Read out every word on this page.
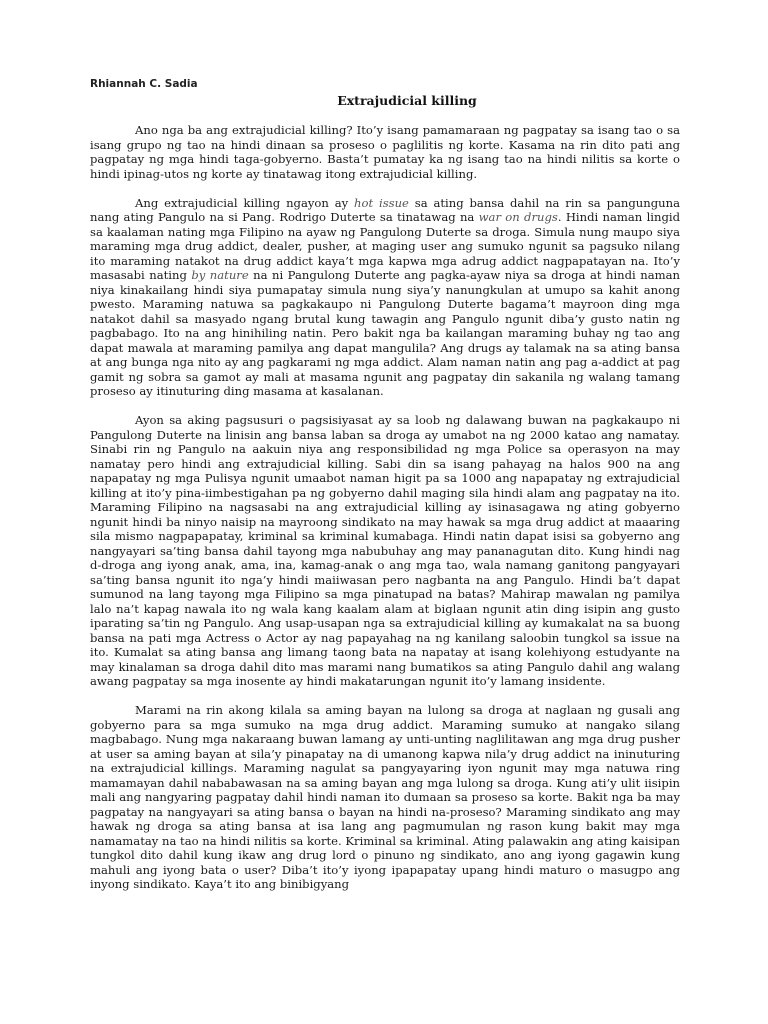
Rhiannah C. Sadia
Extrajudicial killing

Ano nga ba ang extrajudicial killing? Ito’y isang pamamaraan ng pagpatay sa isang tao o sa isang grupo ng tao na hindi dinaan sa proseso o paglilitis ng korte. Kasama na rin dito pati ang pagpatay ng mga hindi taga-gobyerno. Basta’t pumatay ka ng isang tao na hindi nilitis sa korte o hindi ipinag-utos ng korte ay tinatawag itong extrajudicial killing.

Ang extrajudicial killing ngayon ay hot issue sa ating bansa dahil na rin sa pangunguna nang ating Pangulo na si Pang. Rodrigo Duterte sa tinatawag na war on drugs. Hindi naman lingid sa kaalaman nating mga Filipino na ayaw ng Pangulong Duterte sa droga. Simula nung maupo siya maraming mga drug addict, dealer, pusher, at maging user ang sumuko ngunit sa pagsuko nilang ito maraming natakot na drug addict kaya’t mga kapwa mga adrug addict nagpapatayan na. Ito’y masasabi nating by nature na ni Pangulong Duterte ang pagka-ayaw niya sa droga at hindi naman niya kinakailang hindi siya pumapatay simula nung siya’y nanungkulan at umupo sa kahit anong pwesto. Maraming natuwa sa pagkakaupo ni Pangulong Duterte bagama’t mayroon ding mga natakot dahil sa masyado ngang brutal kung tawagin ang Pangulo ngunit diba’y gusto natin ng pagbabago. Ito na ang hinihiling natin. Pero bakit nga ba kailangan maraming buhay ng tao ang dapat mawala at maraming pamilya ang dapat mangulila? Ang drugs ay talamak na sa ating bansa at ang bunga nga nito ay ang pagkarami ng mga addict. Alam naman natin ang pag a-addict at pag gamit ng sobra sa gamot ay mali at masama ngunit ang pagpatay din sakanila ng walang tamang proseso ay itinuturing ding masama at kasalanan.

Ayon sa aking pagsusuri o pagsisiyasat ay sa loob ng dalawang buwan na pagkakaupo ni Pangulong Duterte na linisin ang bansa laban sa droga ay umabot na ng 2000 katao ang namatay. Sinabi rin ng Pangulo na aakuin niya ang responsibilidad ng mga Police sa operasyon na may namatay pero hindi ang extrajudicial killing. Sabi din sa isang pahayag na halos 900 na ang napapatay ng mga Pulisya ngunit umaabot naman higit pa sa 1000 ang napapatay ng extrajudicial killing at ito’y pina-iimbestigahan pa ng gobyerno dahil maging sila hindi alam ang pagpatay na ito. Maraming Filipino na nagsasabi na ang extrajudicial killing ay isinasagawa ng ating gobyerno ngunit hindi ba ninyo naisip na mayroong sindikato na may hawak sa mga drug addict at maaaring sila mismo nagpapapatay, kriminal sa kriminal kumabaga. Hindi natin dapat isisi sa gobyerno ang nangyayari sa’ting bansa dahil tayong mga nabubuhay ang may pananagutan dito. Kung hindi nag d-droga ang iyong anak, ama, ina, kamag-anak o ang mga tao, wala namang ganitong pangyayari sa’ting bansa ngunit ito nga’y hindi maiiwasan pero nagbanta na ang Pangulo. Hindi ba’t dapat sumunod na lang tayong mga Filipino sa mga pinatupad na batas? Mahirap mawalan ng pamilya lalo na’t kapag nawala ito ng wala kang kaalam alam at biglaan ngunit atin ding isipin ang gusto iparating sa’tin ng Pangulo. Ang usap-usapan nga sa extrajudicial killing ay kumakalat na sa buong bansa na pati mga Actress o Actor ay nag papayahag na ng kanilang saloobin tungkol sa issue na ito. Kumalat sa ating bansa ang limang taong bata na napatay at isang kolehiyong estudyante na may kinalaman sa droga dahil dito mas marami nang bumatikos sa ating Pangulo dahil ang walang awang pagpatay sa mga inosente ay hindi makatarungan ngunit ito’y lamang insidente.

Marami na rin akong kilala sa aming bayan na lulong sa droga at naglaan ng gusali ang gobyerno para sa mga sumuko na mga drug addict. Maraming sumuko at nangako silang magbabago. Nung mga nakaraang buwan lamang ay unti-unting naglilitawan ang mga drug pusher at user sa aming bayan at sila’y pinapatay na di umanong kapwa nila’y drug addict na ininuturing na extrajudicial killings. Maraming nagulat sa pangyayaring iyon ngunit may mga natuwa ring mamamayan dahil nababawasan na sa aming bayan ang mga lulong sa droga. Kung ati’y ulit iisipin mali ang nangyaring pagpatay dahil hindi naman ito dumaan sa proseso sa korte. Bakit nga ba may pagpatay na nangyayari sa ating bansa o bayan na hindi na-proseso? Maraming sindikato ang may hawak ng droga sa ating bansa at isa lang ang pagmumulan ng rason kung bakit may mga namamatay na tao na hindi nilitis sa korte. Kriminal sa kriminal. Ating palawakin ang ating kaisipan tungkol dito dahil kung ikaw ang drug lord o pinuno ng sindikato, ano ang iyong gagawin kung mahuli ang iyong bata o user? Diba’t ito’y iyong ipapapatay upang hindi maturo o masugpo ang inyong sindikato. Kaya’t ito ang binibigyang
